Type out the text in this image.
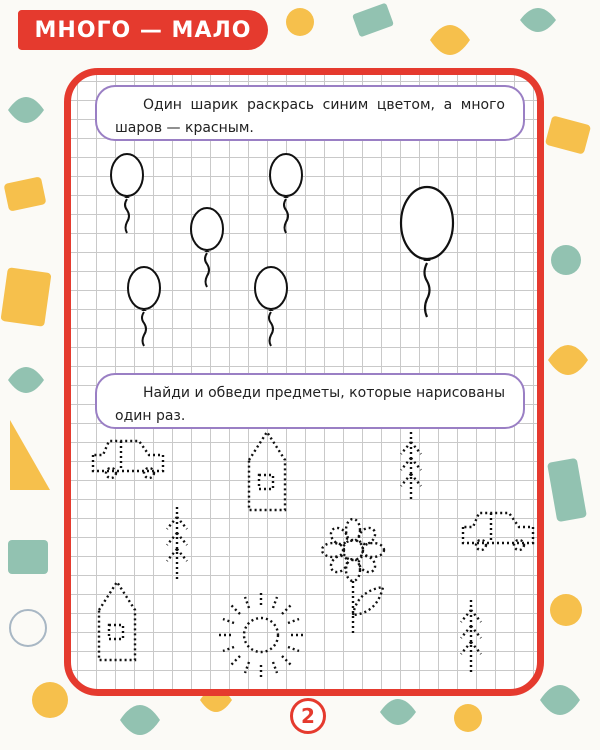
МНОГО — МАЛО
Один шарик раскрась синим цветом, а много шаров — красным.
Найди и обведи предметы, которые нарисованы один раз.
2
